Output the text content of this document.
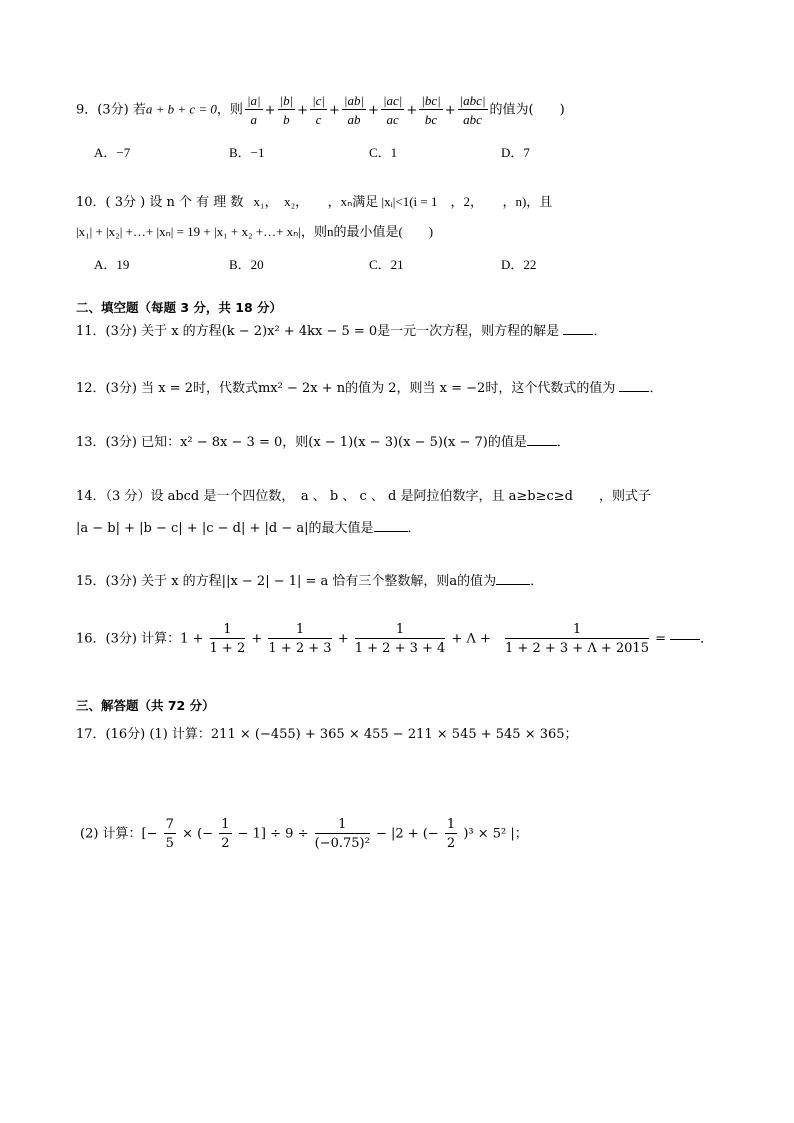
9．(3分) 若a + b + c = 0，则 $\frac{|a|}{a} + \frac{|b|}{b} + \frac{|c|}{c} + \frac{|ab|}{ab} + \frac{|ac|}{ac} + \frac{|bc|}{bc} + \frac{\text{|abc|}}{\text{abc}}$ 的值为(　　)
A．−7	B．−1	C．1	D．7
10．( 3分 ) 设 n 个 有 理 数 x₁，　x₂，　　，xₙ满足 |xᵢ|<1(i = 1　，2，　　，n)，且
|x₁| + |x₂| +…+ |xₙ| = 19 + |x₁ + x₂ +…+ xₙ|，则n的最小值是(　　)
A．19	B．20	C．21	D．22
二、填空题（每题 3 分，共 18 分）
11．(3分) 关于 x 的方程(k − 2)x² + 4kx − 5 = 0是一元一次方程，则方程的解是	．
12．(3分) 当 x = 2时，代数式mx² − 2x + n的值为 2，则当 x = −2时，这个代数式的值为	．
13．(3分) 已知：x² − 8x − 3 = 0，则(x − 1)(x − 3)(x − 5)(x − 7)的值是 ．
14．（3 分）设 abcd 是一个四位数，　a 、 b 、 c 、 d 是阿拉伯数字，且 a≥b≥c≥d　　，则式子
|a − b| + |b − c| + |c − d| + |d − a|的最大值是	．
15．(3分) 关于 x 的方程||x − 2| − 1| = a 恰有三个整数解，则a的值为	．
16．(3分) 计算：$1 + \frac{1}{1 + 2} + \frac{1}{1 + 2 + 3} + \frac{1}{1 + 2 + 3 + 4} + \Lambda + \frac{1}{1 + 2 + 3 + \Lambda + 2015}$ =	．
三、解答题（共 72 分）
17．(16分) (1) 计算：211 × (−455) + 365 × 455 − 211 × 545 + 545 × 365；
(2) 计算：[− $\frac{7}{5}$ × (− $\frac{1}{2} - 1] \div 9 \div \frac{1}{\text{(−0.75)²}} - |2$ + (− $\frac{1}{2} )^3 \times 5^2$ |；
